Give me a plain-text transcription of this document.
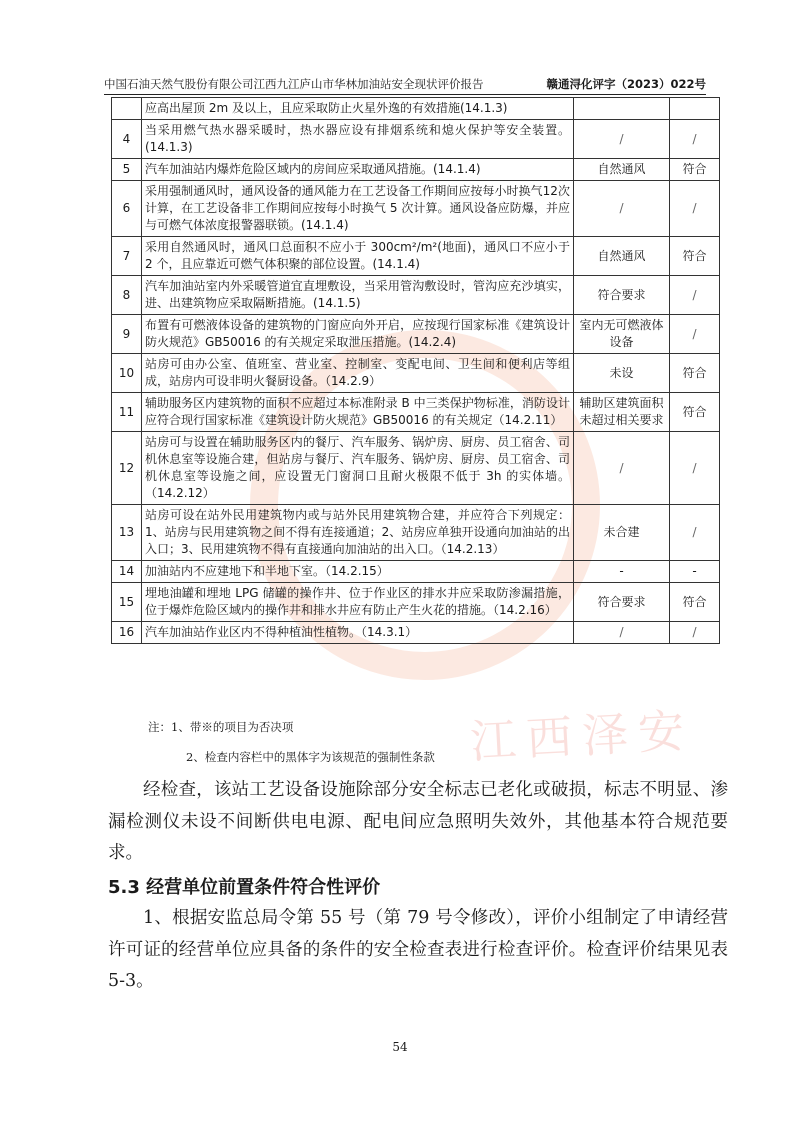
中国石油天然气股份有限公司江西九江庐山市华林加油站安全现状评价报告	赣通浔化评字（2023）022号
	应高出屋顶 2m 及以上，且应采取防止火星外逸的有效措施(14.1.3)		
4	当采用燃气热水器采暖时，热水器应设有排烟系统和熄火保护等安全装置。(14.1.3)	/	/
5	汽车加油站内爆炸危险区域内的房间应采取通风措施。(14.1.4)	自然通风	符合
6	采用强制通风时，通风设备的通风能力在工艺设备工作期间应按每小时换气12次计算，在工艺设备非工作期间应按每小时换气 5 次计算。通风设备应防爆，并应与可燃气体浓度报警器联锁。(14.1.4)	/	/
7	采用自然通风时，通风口总面积不应小于 300cm²/m²(地面)，通风口不应小于 2 个，且应靠近可燃气体积聚的部位设置。(14.1.4)	自然通风	符合
8	汽车加油站室内外采暖管道宜直埋敷设，当采用管沟敷设时，管沟应充沙填实，进、出建筑物应采取隔断措施。(14.1.5)	符合要求	/
9	布置有可燃液体设备的建筑物的门窗应向外开启，应按现行国家标准《建筑设计防火规范》GB50016 的有关规定采取泄压措施。(14.2.4)	室内无可燃液体设备	/
10	站房可由办公室、值班室、营业室、控制室、变配电间、卫生间和便利店等组成，站房内可设非明火餐厨设备。（14.2.9）	未设	符合
11	辅助服务区内建筑物的面积不应超过本标准附录 B 中三类保护物标准，消防设计应符合现行国家标准《建筑设计防火规范》GB50016 的有关规定（14.2.11）	辅助区建筑面积未超过相关要求	符合
12	站房可与设置在辅助服务区内的餐厅、汽车服务、锅炉房、厨房、员工宿舍、司机休息室等设施合建，但站房与餐厅、汽车服务、锅炉房、厨房、员工宿舍、司机休息室等设施之间，应设置无门窗洞口且耐火极限不低于 3h 的实体墙。（14.2.12）	/	/
13	站房可设在站外民用建筑物内或与站外民用建筑物合建，并应符合下列规定：1、站房与民用建筑物之间不得有连接通道；2、站房应单独开设通向加油站的出入口；3、民用建筑物不得有直接通向加油站的出入口。（14.2.13）	未合建	/
14	加油站内不应建地下和半地下室。（14.2.15）	-	-
15	埋地油罐和埋地 LPG 储罐的操作井、位于作业区的排水井应采取防渗漏措施，位于爆炸危险区域内的操作井和排水井应有防止产生火花的措施。（14.2.16）	符合要求	符合
16	汽车加油站作业区内不得种植油性植物。（14.3.1）	/	/
注：1、带※的项目为否决项
2、检查内容栏中的黑体字为该规范的强制性条款
经检查，该站工艺设备设施除部分安全标志已老化或破损，标志不明显、渗漏检测仪未设不间断供电电源、配电间应急照明失效外，其他基本符合规范要求。
5.3 经营单位前置条件符合性评价
1、根据安监总局令第 55 号（第 79 号令修改），评价小组制定了申请经营许可证的经营单位应具备的条件的安全检查表进行检查评价。检查评价结果见表 5-3。
54
江西泽安
